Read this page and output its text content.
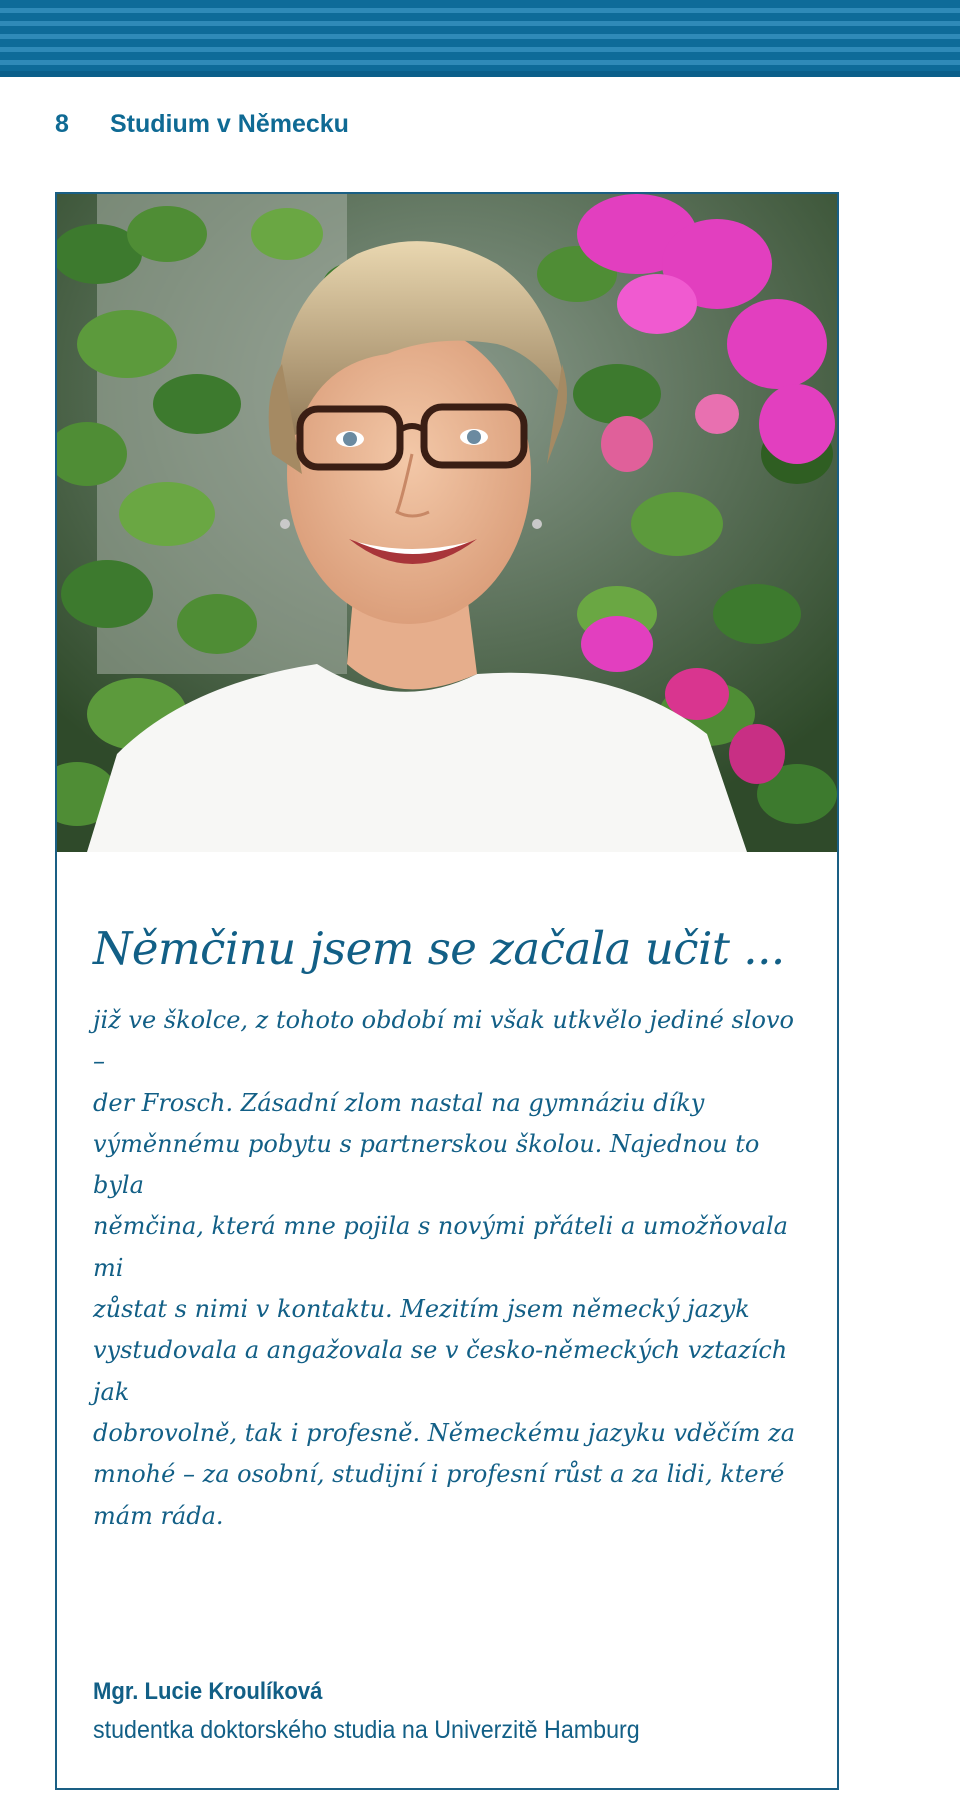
8 Studium v Německu
Němčinu jsem se začala učit ...
již ve školce, z tohoto období mi však utkvělo jediné slovo –
der Frosch. Zásadní zlom nastal na gymnáziu díky
výměnnému pobytu s partnerskou školou. Najednou to byla
němčina, která mne pojila s novými přáteli a umožňovala mi
zůstat s nimi v kontaktu. Mezitím jsem německý jazyk
vystudovala a angažovala se v česko-německých vztazích jak
dobrovolně, tak i profesně. Německému jazyku vděčím za
mnohé – za osobní, studijní i profesní růst a za lidi, které
mám ráda.
Mgr. Lucie Kroulíková
studentka doktorského studia na Univerzitě Hamburg
